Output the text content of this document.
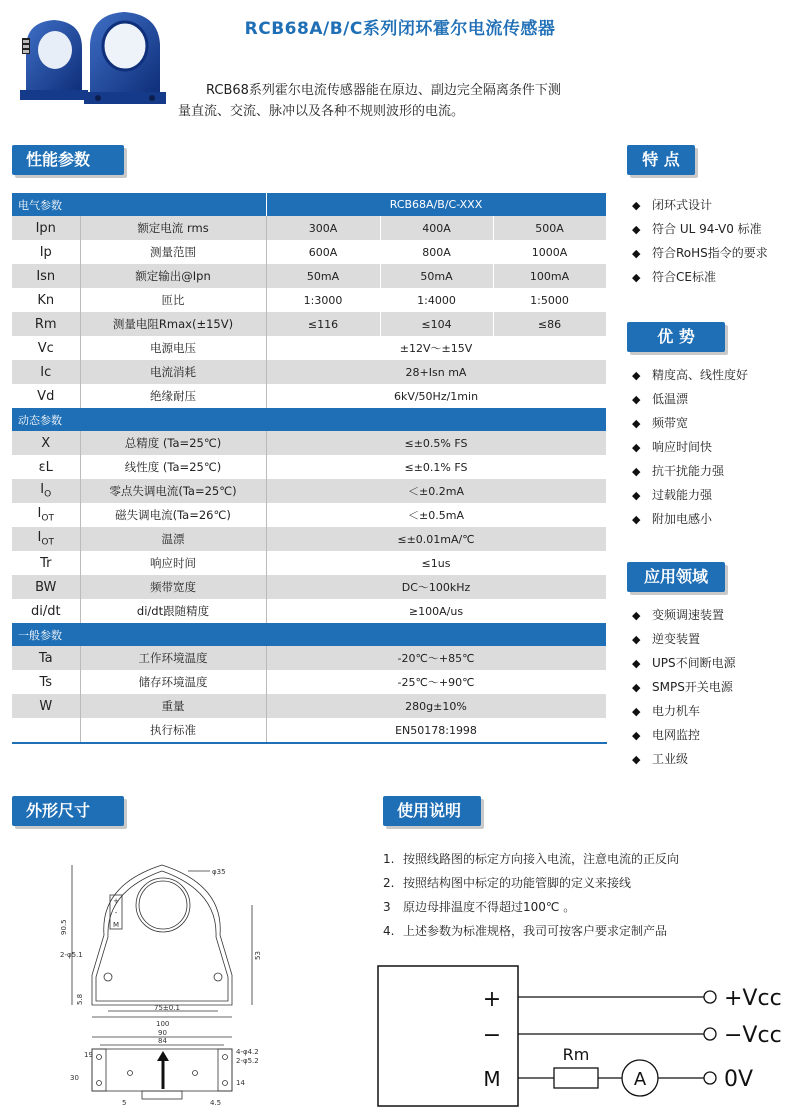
RCB68A/B/C系列闭环霍尔电流传感器

RCB68系列霍尔电流传感器能在原边、副边完全隔离条件下测

量直流、交流、脉冲以及各种不规则波形的电流。
性能参数	特 点
优 势
应用领域
外形尺寸	使用说明
电气参数		RCB68A/B/C-XXX		
Ipn	额定电流 rms	300A	400A	500A
Ip	测量范围	600A	800A	1000A
Isn	额定输出@Ipn	50mA	50mA	100mA
Kn	匝比	1:3000	1:4000	1:5000
Rm	测量电阻Rmax(±15V)	≤116	≤104	≤86
Vc	电源电压	±12V～±15V		
Ic	电流消耗	28+Isn mA		
Vd	绝缘耐压	6kV/50Hz/1min		
动态参数				
X	总精度 (Ta=25℃)	≤±0.5% FS		
εL	线性度 (Ta=25℃)	≤±0.1% FS		
$I_O$	零点失调电流(Ta=25℃)	＜±0.2mA		
$I_{OT}$	磁失调电流(Ta=26℃)	＜±0.5mA		
$I_{OT}$	温漂	≤±0.01mA/℃		
Tr	响应时间	≤1us		
BW	频带宽度	DC～100kHz		
di/dt	di/dt跟随精度	≥100A/us		
一般参数				
Ta	工作环境温度	-20℃～+85℃		
Ts	储存环境温度	-25℃～+90℃		
W	重量	280g±10%		
	执行标准	EN50178:1998		
◆ 闭环式设计
◆ 符合 UL 94-V0 标准
◆ 符合RoHS指令的要求
◆ 符合CE标准
◆ 精度高、线性度好
◆ 低温漂
◆ 频带宽
◆ 响应时间快
◆ 抗干扰能力强
◆ 过载能力强
◆ 附加电感小
◆ 变频调速装置
◆ 逆变装置
◆ UPS不间断电源
◆ SMPS开关电源
◆ 电力机车
◆ 电网监控
◆ 工业级
1. 按照线路图的标定方向接入电流，注意电流的正反向
2. 按照结构图中标定的功能管脚的定义来接线
3 原边母排温度不得超过100℃ 。
4. 上述参数为标准规格，我司可按客户要求定制产品
+
-
M
φ35
90.5
53
5.8
2-φ5.1
75±0.1
100
90
84
4-φ4.2
2-φ5.2
19
30
14
5	4.5
+
−
M
Rm
A
+Vcc
−Vcc
0V
